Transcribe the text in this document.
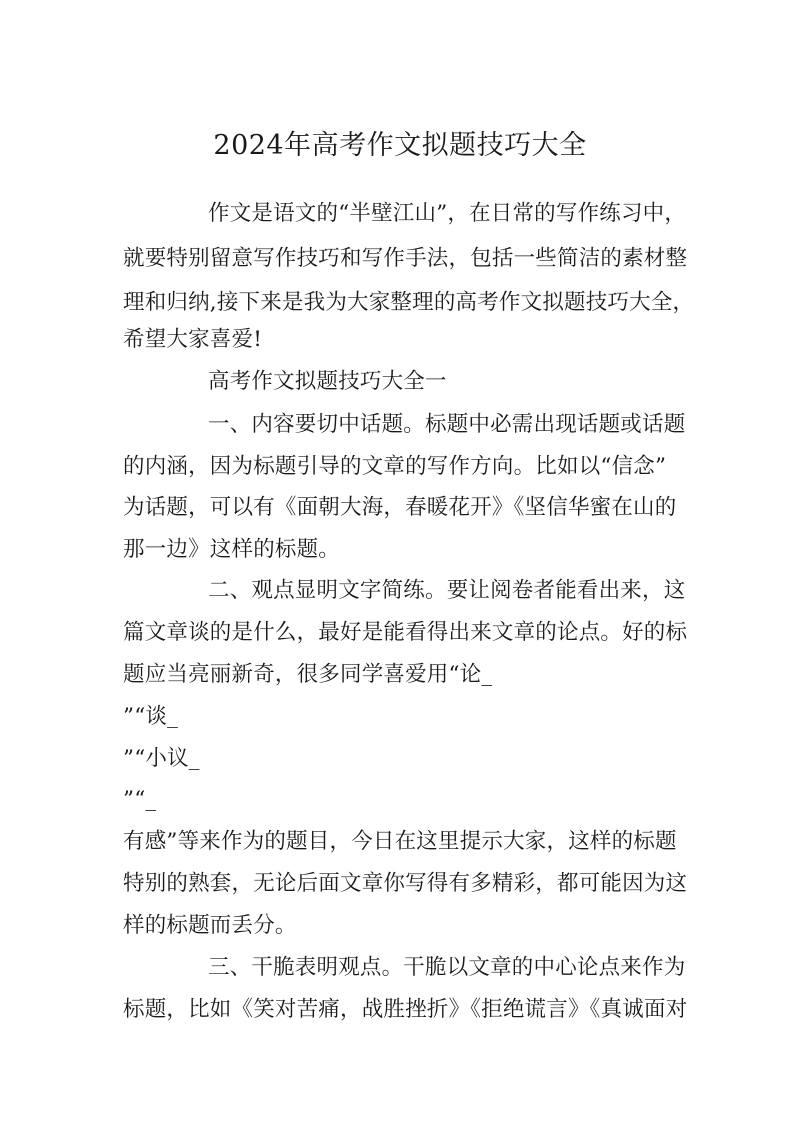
2024年高考作文拟题技巧大全
作文是语文的“半壁江山”，在日常的写作练习中，
就要特别留意写作技巧和写作手法，包括一些简洁的素材整
理和归纳,接下来是我为大家整理的高考作文拟题技巧大全，
希望大家喜爱!
高考作文拟题技巧大全一
一、内容要切中话题。标题中必需出现话题或话题
的内涵，因为标题引导的文章的写作方向。比如以“信念”
为话题，可以有《面朝大海，春暖花开》《坚信华蜜在山的
那一边》这样的标题。
二、观点显明文字简练。要让阅卷者能看出来，这
篇文章谈的是什么，最好是能看得出来文章的论点。好的标
题应当亮丽新奇，很多同学喜爱用“论_
”“谈_
”“小议_
”“_
有感”等来作为的题目，今日在这里提示大家，这样的标题
特别的熟套，无论后面文章你写得有多精彩，都可能因为这
样的标题而丢分。
三、干脆表明观点。干脆以文章的中心论点来作为
标题，比如《笑对苦痛，战胜挫折》《拒绝谎言》《真诚面对
